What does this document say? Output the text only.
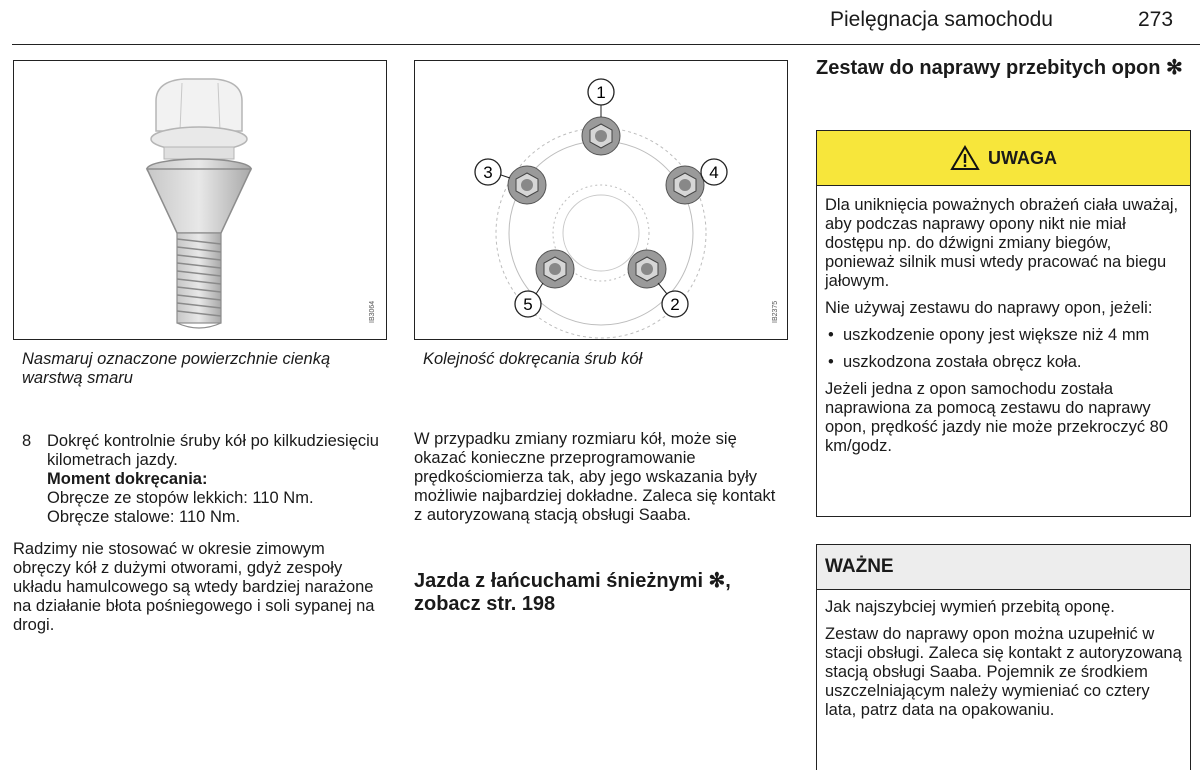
Pielęgnacja samochodu	273
IB3064
1
2
3	4
5	IB2375
Nasmaruj oznaczone powierzchnie cienką warstwą smaru
Kolejność dokręcania śrub kół
8 Dokręć kontrolnie śruby kół po kilkudziesięciu kilometrach jazdy.
Moment dokręcania:
Obręcze ze stopów lekkich: 110 Nm.
Obręcze stalowe: 110 Nm.
Radzimy nie stosować w okresie zimowym obręczy kół z dużymi otworami, gdyż zespoły układu hamulcowego są wtedy bardziej narażone na działanie błota pośniegowego i soli sypanej na drogi.
W przypadku zmiany rozmiaru kół, może się okazać konieczne przeprogramowanie prędkościomierza tak, aby jego wskazania były możliwie najbardziej dokładne. Zaleca się kontakt z autoryzowaną stacją obsługi Saaba.
Jazda z łańcuchami śnieżnymi ✻, zobacz str. 198
Zestaw do naprawy przebitych opon ✻
UWAGA

Dla uniknięcia poważnych obrażeń ciała uważaj, aby podczas naprawy opony nikt nie miał dostępu np. do dźwigni zmiany biegów, ponieważ silnik musi wtedy pracować na biegu jałowym.

Nie używaj zestawu do naprawy opon, jeżeli:

• uszkodzenie opony jest większe niż 4 mm
• uszkodzona została obręcz koła.

Jeżeli jedna z opon samochodu została naprawiona za pomocą zestawu do naprawy opon, prędkość jazdy nie może przekroczyć 80 km/godz.

WAŻNE

Jak najszybciej wymień przebitą oponę.

Zestaw do naprawy opon można uzupełnić w stacji obsługi. Zaleca się kontakt z autoryzowaną stacją obsługi Saaba. Pojemnik ze środkiem uszczelniającym należy wymieniać co cztery lata, patrz data na opakowaniu.
